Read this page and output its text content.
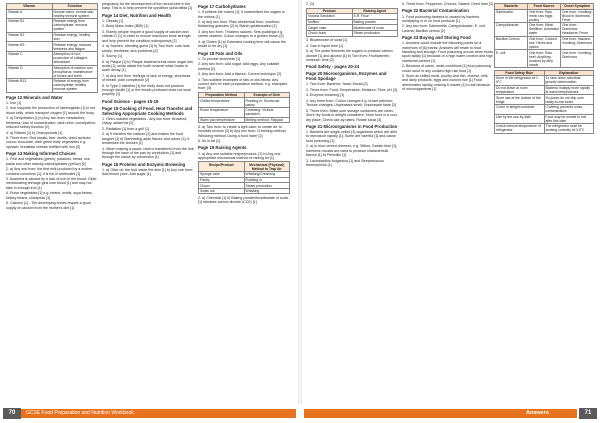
Vitamin	Function
Vitamin A	Normal vision; normal skin; healthy immune system
Vitamin B1	Release energy from carbohydrate; nervous system
Vitamin B2	Release energy; healthy skin
Vitamin B3	Release energy; reduces tiredness and fatigue
Vitamin C	Absorption of iron; production of collagen; antioxidant
Vitamin D	Absorption of calcium and phosphorus; maintenance of bones and teeth
Vitamin B12	Release of energy from carbohydrate; healthy immune system

Page 12 Minerals and Water

1. Iron [1]

2. Iron supports the production of haemoglobin [1] in red blood cells, which transport oxygen [1] around the body.

3. a) Dehydration [1] b) Any two from: headaches; tiredness; loss of concentration; dark urine; constipation; reduced kidney function [2]

4. a) Rickets [1] b) Osteoporosis [1]

5. Three from: Red meats; liver; lentils; dried apricots; cocoa; chocolate; dark green leafy vegetables e.g. spinach; breakfast cereals fortified with iron [3]

Page 13 Making Informed Choices

1. Fruit and vegetables (green); potatoes, bread, rice, pasta and other starchy carbohydrates (yellow) [2]

2. a) Any one from: the first milk produced by a mother contains colostrum [1]; it is full of antibodies [1]

3. Anaemia is caused by a lack of iron in the blood. Older menstruating teenage girls lose blood [1] and may not take in enough iron [1]

4. Pulse vegetables [1] e.g. beans, lentils, soya beans, kidney beans, chickpeas [1]

5. Calcium [1] - The developing bones require a good supply of calcium from the mother's diet [1]

pregnancy for the development of the neural tube in the baby. This is to help prevent the condition spina bifida [1]

Page 14 Diet, Nutrition and Health

1. Obesity [1]

2. Body Mass Index (BMI) [1]

3. Elderly people require a good supply of calcium and vitamin D [1] in order to ensure maximum bone strength and help prevent the condition osteoporosis [1]

4. a) Swollen, bleeding gums [1] b) Two from: cuts heal slowly; tiredness; skin problems [2]

5. Scurvy [1]

6. a) Plaque [1] b) Plaque bacteria break down sugar into acids [1]; acids attack the tooth enamel which leads to tooth decay [1]

7. a) Any two from: feelings of lack of energy; shortness of breath; pale complexion [2]

8. In Type 2 diabetes [1] the body does not produce enough insulin [1] or the insulin produced does not work properly [1]

Food Science - pages 15-19

Page 15 Cooking of Food, Heat Transfer and Selecting Appropriate Cooking Methods

1. Oven-roasted vegetables - Any two from: Browned; crispy; added fat [2]

2. Radiation [1] from a grill [1]

3. a) It hardens the calcium [1] and makes the food tougher [1] b) Marinading adds flavour and colour [1]; it tenderises the chicken [1]

4. When making a sauce, heat is transferred from the hob through the base of the pan by conduction [1] and through the sauce by convection [1]

Page 16 Proteins and Enzymic Browning

1. a) Olive oil; the fruit inside the skin [1] b) Any one from: Add lemon juice; Add sugar [1]

Page 17 Carbohydrates

1. It softens the onions [1]; it caramelises the sugars in the onions [1]

2. a) Any two from: Plain wholemeal flour; cornflour; thickening granules [2] b) Starch gelatinisation [1]

3. Any two from: Thickens sauces; Sets puddings e.g. crème caramel; Colour changes to a golden brown [2]

4. a) Gluten [1] b) Extended cooking time will cause the bread to be dry [1]

Page 18 Fats and Oils

1. To provide shortness [1]

2. Any two from: Add sugar; Add eggs; Any suitable method [2]

3. Any two from: Add a flavour; Correct technique [2]

4. Two suitable examples of fats or oils below: Any correct dish for each preparation method, e.g. examples from: [4]

Preparation Method	Example of Dish
Chilled temperature	Rubbing-in: Shortcrust pastry
Room temperature	Creaming: Victoria sandwich
Warm pan temperature	Melting method: Flapjack

5. a) Two from: to create a light cake; to create air; to emulsify mixture [2] b) Any two from: Creaming method; Whisking method; Using a food mixer [2]

6. Air in fat [1]

Page 19 Raising Agents

1. a) Any one suitable recipe/product: [1] b) Any one appropriate mechanical method of raising air [1]

Recipe/Product	Mechanical (Physical) Method to Trap Air
Sponge cake	Whisking/Creaming
Pastry	Rubbing in
Choux	Steam production
Swiss roll	Whisking

2. a) Chemical [1] b) Baking powder/bicarbonate of soda [1] releases carbon dioxide (CO2) [1]

2. [1]

Product	Raising Agent
Victoria Sandwich	S.R. Flour
Muffins	Baking powder
Ginger cake	Bicarbonate of soda
Choux buns	Steam production

3. Bicarbonate of soda [1]

4. Gas in liquid form [1]

5. a) The yeast ferments the sugars to produce carbon dioxide [1] and alcohol [1] b) Two from: Fruit/warmth; moisture; time [2]

Food Safety - pages 20-24

Page 20 Microorganisms, Enzymes and Food Spoilage

1. Two from: Bacteria; Yeast; Mould [2]

2. Three from: Food; Temperature; Moisture; Time; pH [3]

3. Enzymic browning [1]

4. Any three from: Colour changes e.g. brown patches; Texture changes; Unpleasant smell; Unpleasant taste [3]

5. Three from: Make sure storage containers are clean; Store dry foods in airtight containers; Store food in a cool, dry place; Check use-by dates; Rotate stock [3]

Page 21 Microorganisms in Food Production

1. Bacteria are single-celled [1] organisms which are able to reproduce rapidly [1]; Some are harmful [1] and cause food poisoning [1]

2. a) In blue-veined cheeses, e.g. Stilton, Danish blue [1]; harmless moulds are used to produce characteristic flavour [1] b) Penicillin [1]

3. Lactobacillus bulgaricus [1] and Streptococcus thermophilus [1]

5. Three from: Pepperoni; Chorizo; Salami; Dried ham [3]

Page 22 Bacterial Contamination

1. Food poisoning bacteria is caused by bacteria multiplying in or on food products [1]

2. Any two from: Salmonella; Campylobacter; E. coli; Listeria; Bacillus cereus [2]

Page 23 Buying and Storing Food

1. Answers could include the following points for a maximum of [6] marks: Answers will relate to food handling and storage: Food poisoning occurs when foods spoil rapidly [1] because of a high water content and high nutritional content [1]

2. Because of warm, moist conditions [1] food poisoning could occur in any cooked high-risk food [1]

3. Such as chilled meat, poultry and fish, cheese, milk and dairy products, eggs and cooked rice [1] Food deteriorates rapidly, making it unsafe [1] to eat because of microorganisms [1]

Bacteria	Food Source	Onset Symptom
Salmonella	One from: Raw meat; raw eggs; poultry	One from: Vomiting; Blood in diarrhoea; Fever
Campylobacter	One from: Meat; Shellfish; Untreated water	One from: Diarrhoea; Headache; Fever
Bacillus Cereus	One from: Cooked rice; Herbs and spices	One from: Nausea; Vomiting; Diarrhoea
E. coli	One from: Raw beef; Anything touched by dirty hands	One from: Vomiting; Diarrhoea
Food Safety Rule	Explanation
Store in the refrigerator at 0-5°C	To slow down microbial growth/ deterioration
Do not leave at room temperature	Bacteria multiply more rapidly at warm temperatures
Store raw at the bottom of the fridge	So juices do not drip onto ready-to-eat foods
Cover in airtight container	Covering prevents cross-contamination
Use by the use-by date	Food may be unsafe to eat after this date
Check internal temperature of refrigerator	The refrigerator must be working correctly at 0-5°C
70	GCSE Food Preparation and Nutrition Workbook	Answers	71
